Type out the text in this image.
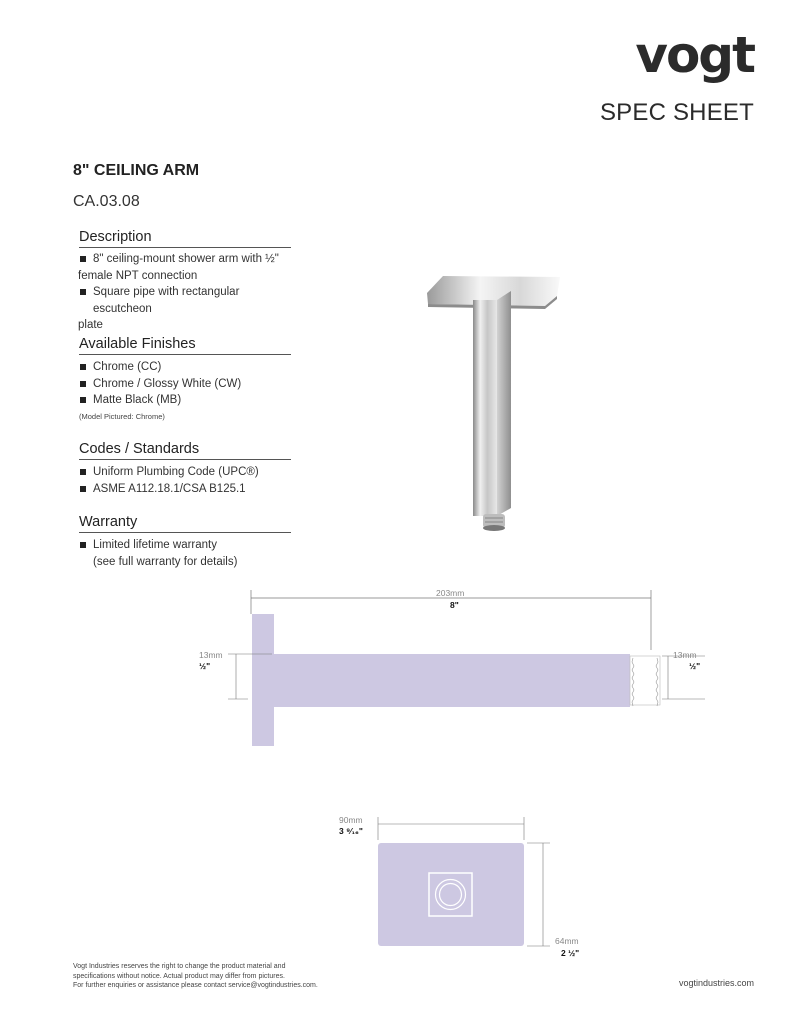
vogt
SPEC SHEET
8" CEILING ARM
CA.03.08
Description
8" ceiling-mount shower arm with ½"
female NPT connection
Square pipe with rectangular escutcheon
plate
Available Finishes
Chrome (CC)
Chrome / Glossy White (CW)
Matte Black (MB)
(Model Pictured: Chrome)
Codes / Standards
Uniform Plumbing Code (UPC®)
ASME A112.18.1/CSA B125.1
Warranty
Limited lifetime warranty
(see full warranty for details)
203mm
8"
13mm
½"
13mm
½"
90mm
3 ⁹⁄₁₆"
64mm
2 ½"
Vogt Industries reserves the right to change the product material and
specifications without notice. Actual product may differ from pictures.
For further enquiries or assistance please contact service@vogtindustries.com.	vogtindustries.com
